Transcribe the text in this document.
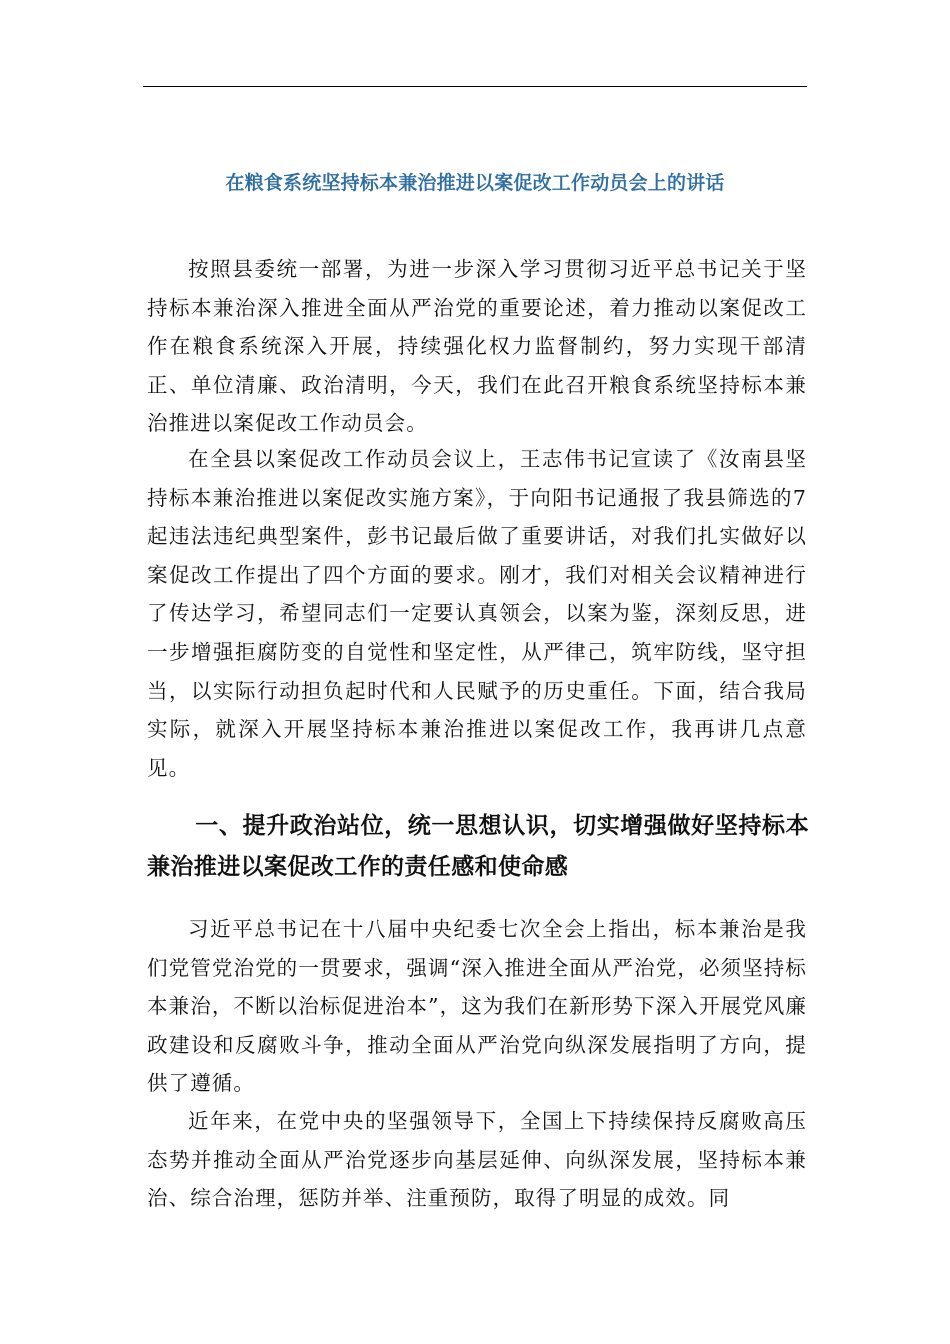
在粮食系统坚持标本兼治推进以案促改工作动员会上的讲话

按照县委统一部署，为进一步深入学习贯彻习近平总书记关于坚持标本兼治深入推进全面从严治党的重要论述，着力推动以案促改工作在粮食系统深入开展，持续强化权力监督制约，努力实现干部清正、单位清廉、政治清明，今天，我们在此召开粮食系统坚持标本兼治推进以案促改工作动员会。

在全县以案促改工作动员会议上，王志伟书记宣读了《汝南县坚持标本兼治推进以案促改实施方案》，于向阳书记通报了我县筛选的7起违法违纪典型案件，彭书记最后做了重要讲话，对我们扎实做好以案促改工作提出了四个方面的要求。刚才，我们对相关会议精神进行了传达学习，希望同志们一定要认真领会，以案为鉴，深刻反思，进一步增强拒腐防变的自觉性和坚定性，从严律己，筑牢防线，坚守担当，以实际行动担负起时代和人民赋予的历史重任。下面，结合我局实际，就深入开展坚持标本兼治推进以案促改工作，我再讲几点意见。

一、提升政治站位，统一思想认识，切实增强做好坚持标本兼治推进以案促改工作的责任感和使命感

习近平总书记在十八届中央纪委七次全会上指出，标本兼治是我们党管党治党的一贯要求，强调“深入推进全面从严治党，必须坚持标本兼治，不断以治标促进治本”，这为我们在新形势下深入开展党风廉政建设和反腐败斗争，推动全面从严治党向纵深发展指明了方向，提供了遵循。

近年来，在党中央的坚强领导下，全国上下持续保持反腐败高压态势并推动全面从严治党逐步向基层延伸、向纵深发展，坚持标本兼治、综合治理，惩防并举、注重预防，取得了明显的成效。同
